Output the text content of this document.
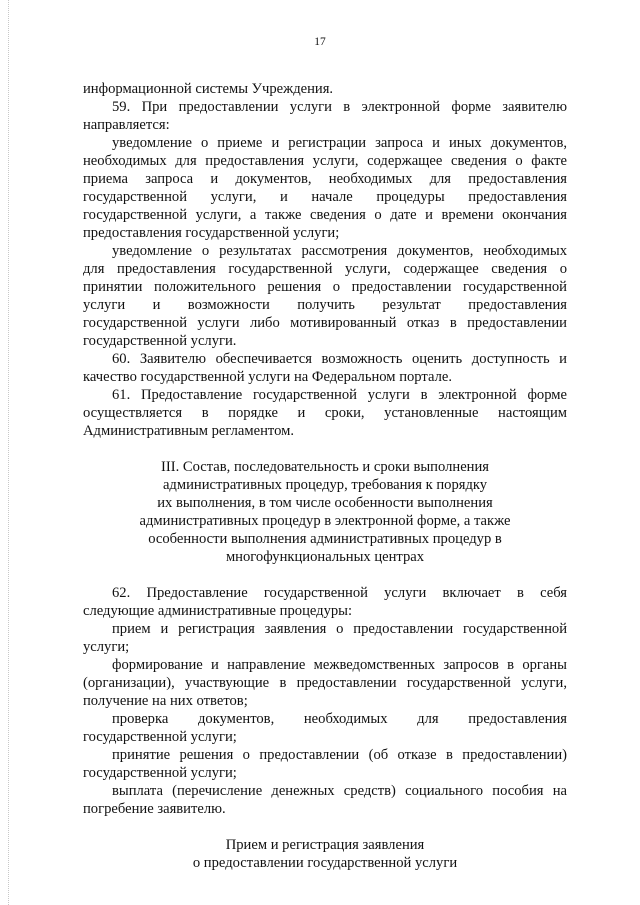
17
информационной системы Учреждения.
59. При предоставлении услуги в электронной форме заявителю
направляется:
уведомление о приеме и регистрации запроса и иных документов,
необходимых для предоставления услуги, содержащее сведения о факте
приема запроса и документов, необходимых для предоставления
государственной услуги, и начале процедуры предоставления
государственной услуги, а также сведения о дате и времени окончания
предоставления государственной услуги;
уведомление о результатах рассмотрения документов, необходимых
для предоставления государственной услуги, содержащее сведения о
принятии положительного решения о предоставлении государственной
услуги и возможности получить результат предоставления
государственной услуги либо мотивированный отказ в предоставлении
государственной услуги.
60. Заявителю обеспечивается возможность оценить доступность и
качество государственной услуги на Федеральном портале.
61. Предоставление государственной услуги в электронной форме
осуществляется в порядке и сроки, установленные настоящим
Административным регламентом.
III. Состав, последовательность и сроки выполнения
административных процедур, требования к порядку
их выполнения, в том числе особенности выполнения
административных процедур в электронной форме, а также
особенности выполнения административных процедур в
многофункциональных центрах
62. Предоставление государственной услуги включает в себя
следующие административные процедуры:
прием и регистрация заявления о предоставлении государственной
услуги;
формирование и направление межведомственных запросов в органы
(организации), участвующие в предоставлении государственной услуги,
получение на них ответов;
проверка документов, необходимых для предоставления
государственной услуги;
принятие решения о предоставлении (об отказе в предоставлении)
государственной услуги;
выплата (перечисление денежных средств) социального пособия на
погребение заявителю.
Прием и регистрация заявления
о предоставлении государственной услуги
